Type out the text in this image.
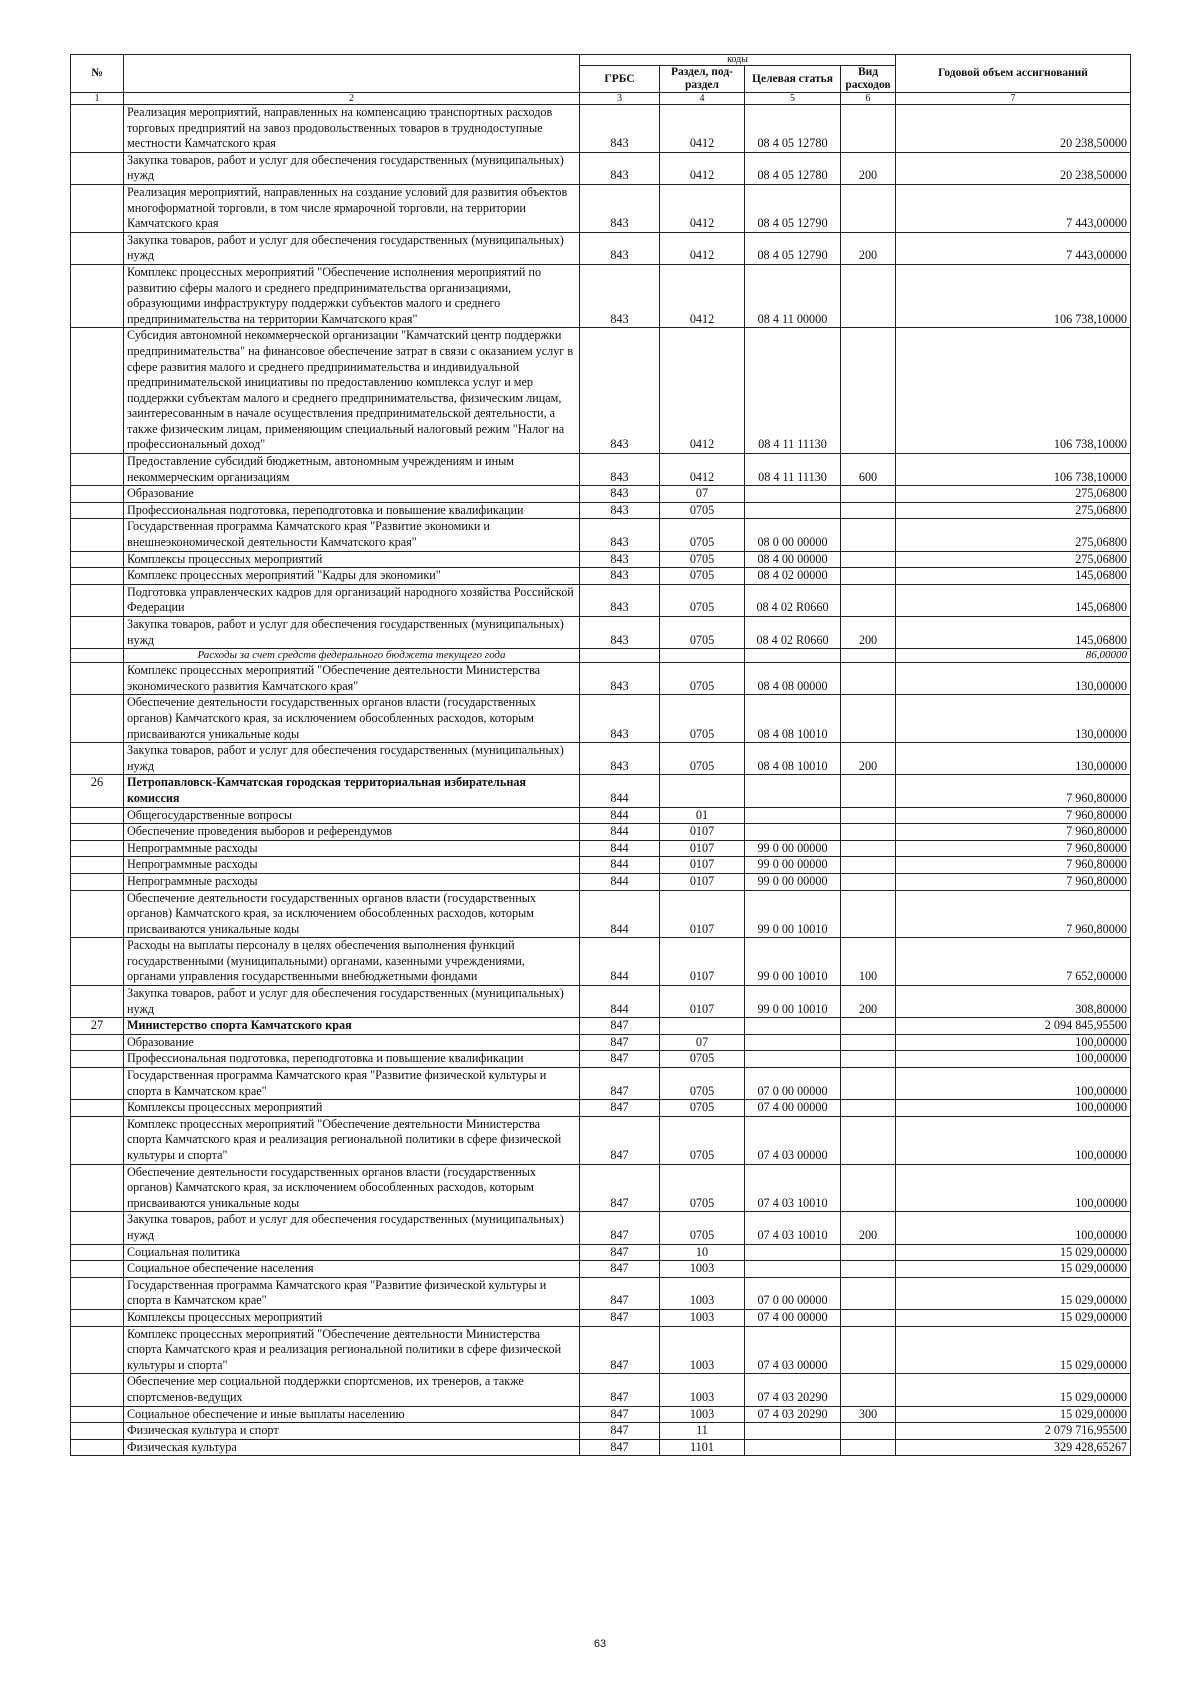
№		коды				Годовой объем ассигнований
		ГРБС	Раздел, под-раздел	Целевая статья	Вид расходов	
1	2	3	4	5	6	7
	Реализация мероприятий, направленных на компенсацию транспортных расходов торговых предприятий на завоз продовольственных товаров в труднодоступные местности Камчатского края	843	0412	08 4 05 12780		20 238,50000
	Закупка товаров, работ и услуг для обеспечения государственных (муниципальных) нужд	843	0412	08 4 05 12780	200	20 238,50000
	Реализация мероприятий, направленных на создание условий для развития объектов многоформатной торговли, в том числе ярмарочной торговли, на территории Камчатского края	843	0412	08 4 05 12790		7 443,00000
	Закупка товаров, работ и услуг для обеспечения государственных (муниципальных) нужд	843	0412	08 4 05 12790	200	7 443,00000
	Комплекс процессных мероприятий "Обеспечение исполнения мероприятий по развитию сферы малого и среднего предпринимательства организациями, образующими инфраструктуру поддержки субъектов малого и среднего предпринимательства на территории Камчатского края"	843	0412	08 4 11 00000		106 738,10000
	Субсидия автономной некоммерческой организации "Камчатский центр поддержки предпринимательства" на финансовое обеспечение затрат в связи с оказанием услуг в сфере развития малого и среднего предпринимательства и индивидуальной предпринимательской инициативы по предоставлению комплекса услуг и мер поддержки субъектам малого и среднего предпринимательства, физическим лицам, заинтересованным в начале осуществления предпринимательской деятельности, а также физическим лицам, применяющим специальный налоговый режим "Налог на профессиональный доход"	843	0412	08 4 11 11130		106 738,10000
	Предоставление субсидий бюджетным, автономным учреждениям и иным некоммерческим организациям	843	0412	08 4 11 11130	600	106 738,10000
	Образование	843	07			275,06800
	Профессиональная подготовка, переподготовка и повышение квалификации	843	0705			275,06800
	Государственная программа Камчатского края "Развитие экономики и внешнеэкономической деятельности Камчатского края"	843	0705	08 0 00 00000		275,06800
	Комплексы процессных мероприятий	843	0705	08 4 00 00000		275,06800
	Комплекс процессных мероприятий "Кадры для экономики"	843	0705	08 4 02 00000		145,06800
	Подготовка управленческих кадров для организаций народного хозяйства Российской Федерации	843	0705	08 4 02 R0660		145,06800
	Закупка товаров, работ и услуг для обеспечения государственных (муниципальных) нужд	843	0705	08 4 02 R0660	200	145,06800
	Расходы за счет средств федерального бюджета текущего года					86,00000
	Комплекс процессных мероприятий "Обеспечение деятельности Министерства экономического развития Камчатского края"	843	0705	08 4 08 00000		130,00000
	Обеспечение деятельности государственных органов власти (государственных органов) Камчатского края, за исключением обособленных расходов, которым присваиваются уникальные коды	843	0705	08 4 08 10010		130,00000
	Закупка товаров, работ и услуг для обеспечения государственных (муниципальных) нужд	843	0705	08 4 08 10010	200	130,00000
26	Петропавловск-Камчатская городская территориальная избирательная комиссия	844				7 960,80000
	Общегосударственные вопросы	844	01			7 960,80000
	Обеспечение проведения выборов и референдумов	844	0107			7 960,80000
	Непрограммные расходы	844	0107	99 0 00 00000		7 960,80000
	Непрограммные расходы	844	0107	99 0 00 00000		7 960,80000
	Непрограммные расходы	844	0107	99 0 00 00000		7 960,80000
	Обеспечение деятельности государственных органов власти (государственных органов) Камчатского края, за исключением обособленных расходов, которым присваиваются уникальные коды	844	0107	99 0 00 10010		7 960,80000
	Расходы на выплаты персоналу в целях обеспечения выполнения функций государственными (муниципальными) органами, казенными учреждениями, органами управления государственными внебюджетными фондами	844	0107	99 0 00 10010	100	7 652,00000
	Закупка товаров, работ и услуг для обеспечения государственных (муниципальных) нужд	844	0107	99 0 00 10010	200	308,80000
27	Министерство спорта Камчатского края	847				2 094 845,95500
	Образование	847	07			100,00000
	Профессиональная подготовка, переподготовка и повышение квалификации	847	0705			100,00000
	Государственная программа Камчатского края "Развитие физической культуры и спорта в Камчатском крае"	847	0705	07 0 00 00000		100,00000
	Комплексы процессных мероприятий	847	0705	07 4 00 00000		100,00000
	Комплекс процессных мероприятий "Обеспечение деятельности Министерства спорта Камчатского края и реализация региональной политики в сфере физической культуры и спорта"	847	0705	07 4 03 00000		100,00000
	Обеспечение деятельности государственных органов власти (государственных органов) Камчатского края, за исключением обособленных расходов, которым присваиваются уникальные коды	847	0705	07 4 03 10010		100,00000
	Закупка товаров, работ и услуг для обеспечения государственных (муниципальных) нужд	847	0705	07 4 03 10010	200	100,00000
	Социальная политика	847	10			15 029,00000
	Социальное обеспечение населения	847	1003			15 029,00000
	Государственная программа Камчатского края "Развитие физической культуры и спорта в Камчатском крае"	847	1003	07 0 00 00000		15 029,00000
	Комплексы процессных мероприятий	847	1003	07 4 00 00000		15 029,00000
	Комплекс процессных мероприятий "Обеспечение деятельности Министерства спорта Камчатского края и реализация региональной политики в сфере физической культуры и спорта"	847	1003	07 4 03 00000		15 029,00000
	Обеспечение мер социальной поддержки спортсменов, их тренеров, а также спортсменов-ведущих	847	1003	07 4 03 20290		15 029,00000
	Социальное обеспечение и иные выплаты населению	847	1003	07 4 03 20290	300	15 029,00000
	Физическая культура и спорт	847	11			2 079 716,95500
	Физическая культура	847	1101			329 428,65267
63
